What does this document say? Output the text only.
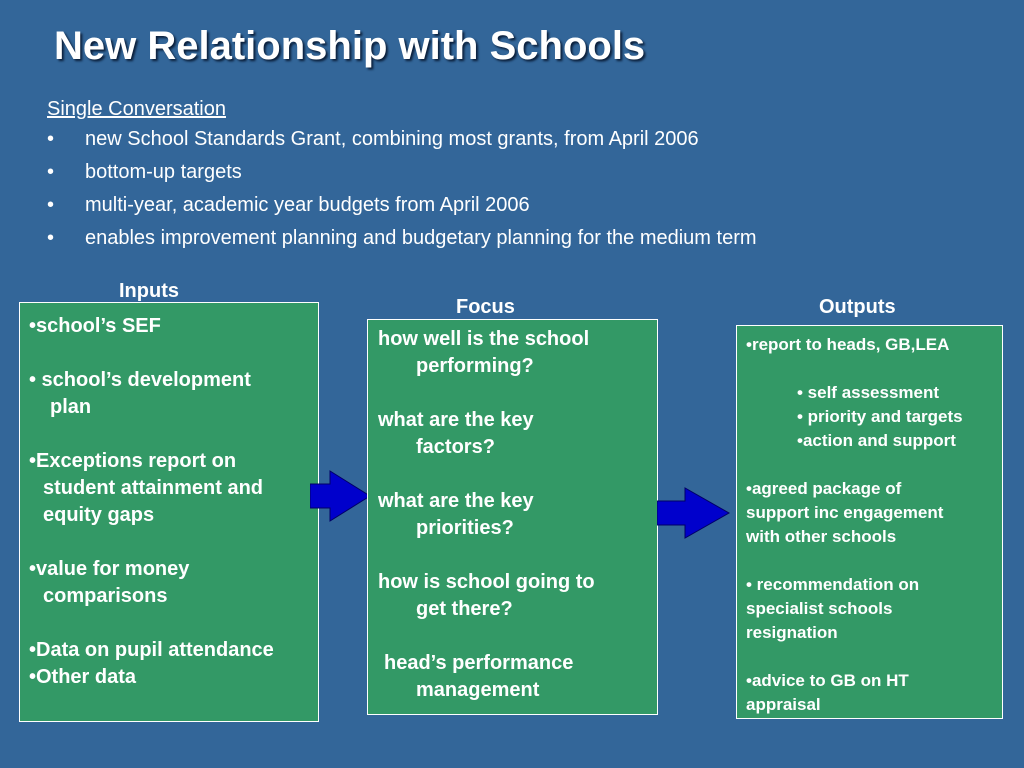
New Relationship with Schools
Single Conversation
• new School Standards Grant, combining most grants, from April 2006
• bottom-up targets
• multi-year, academic year budgets from April 2006
• enables improvement planning and budgetary planning for the medium term
Inputs
Focus	Outputs

•school’s SEF

• school’s development

plan

•Exceptions report on

student attainment and

equity gaps

•value for money

comparisons

•Data on pupil attendance

•Other data

how well is the school

performing?

what are the key

factors?

what are the key

priorities?

how is school going to

get there?

head’s performance

management

•report to heads, GB,LEA

• self assessment

• priority and targets

•action and support

•agreed package of

support inc engagement

with other schools

• recommendation on

specialist schools

resignation

•advice to GB on HT

appraisal
